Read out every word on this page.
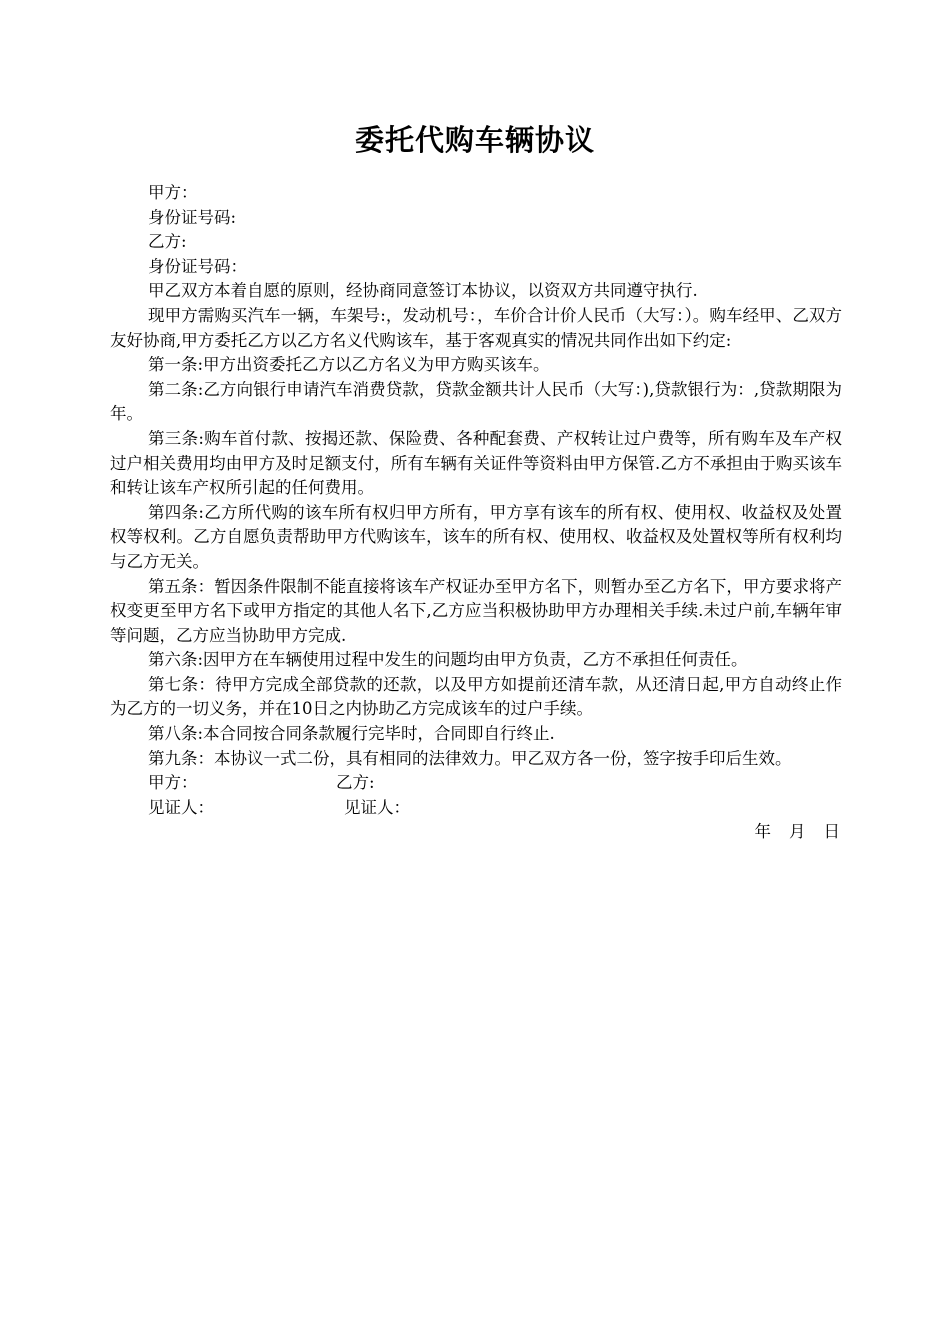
委托代购车辆协议

甲方：

身份证号码:

乙方:

身份证号码：

甲乙双方本着自愿的原则，经协商同意签订本协议，以资双方共同遵守执行.

现甲方需购买汽车一辆，车架号:，发动机号：，车价合计价人民币（大写：）。购车经甲、乙双方友好协商,甲方委托乙方以乙方名义代购该车，基于客观真实的情况共同作出如下约定:

第一条:甲方出资委托乙方以乙方名义为甲方购买该车。

第二条:乙方向银行申请汽车消费贷款，贷款金额共计人民币（大写：),贷款银行为：,贷款期限为年。

第三条:购车首付款、按揭还款、保险费、各种配套费、产权转让过户费等，所有购车及车产权过户相关费用均由甲方及时足额支付，所有车辆有关证件等资料由甲方保管.乙方不承担由于购买该车和转让该车产权所引起的任何费用。

第四条:乙方所代购的该车所有权归甲方所有，甲方享有该车的所有权、使用权、收益权及处置权等权利。乙方自愿负责帮助甲方代购该车，该车的所有权、使用权、收益权及处置权等所有权利均与乙方无关。

第五条：暂因条件限制不能直接将该车产权证办至甲方名下，则暂办至乙方名下，甲方要求将产权变更至甲方名下或甲方指定的其他人名下,乙方应当积极协助甲方办理相关手续.未过户前,车辆年审等问题，乙方应当协助甲方完成.

第六条:因甲方在车辆使用过程中发生的问题均由甲方负责，乙方不承担任何责任。

第七条：待甲方完成全部贷款的还款，以及甲方如提前还清车款，从还清日起,甲方自动终止作为乙方的一切义务，并在10日之内协助乙方完成该车的过户手续。

第八条:本合同按合同条款履行完毕时，合同即自行终止.

第九条：本协议一式二份，具有相同的法律效力。甲乙双方各一份，签字按手印后生效。

甲方：	乙方:

见证人：	见证人：

年 月 日
